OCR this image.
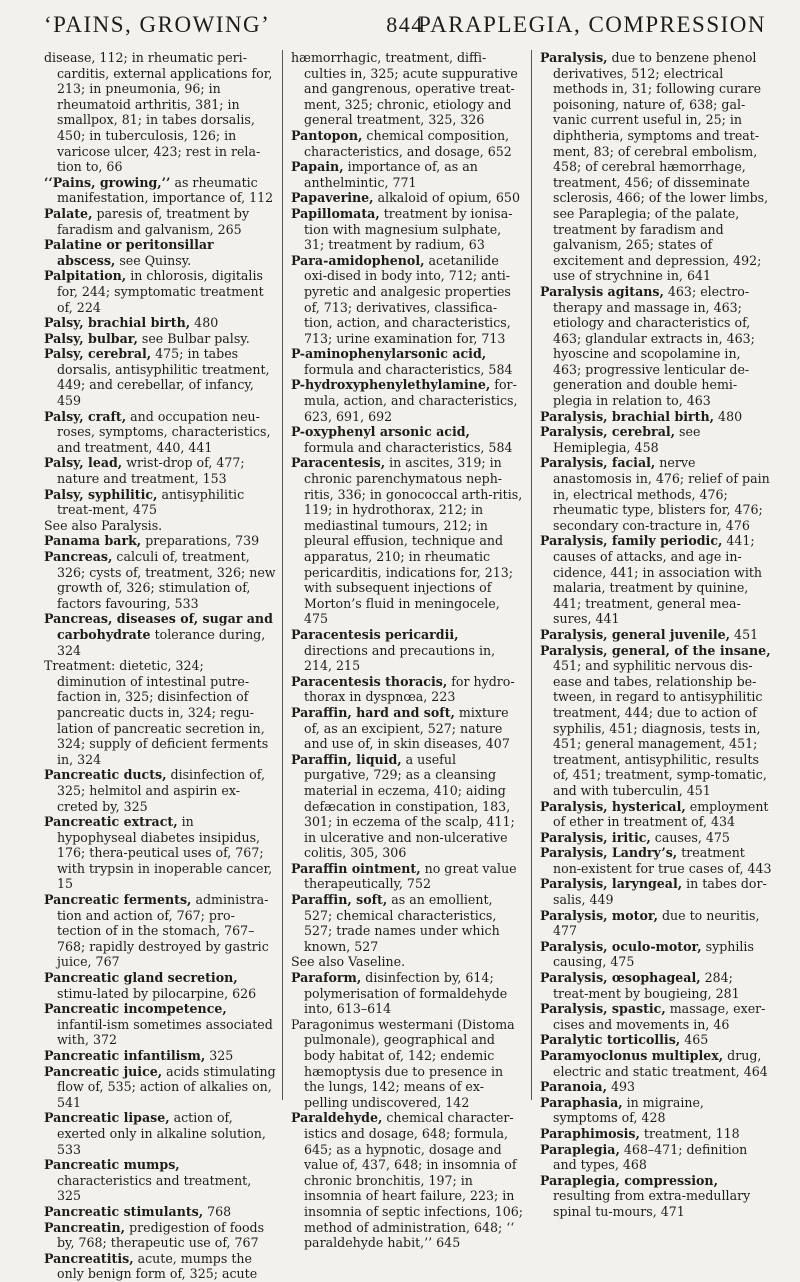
‘PAINS, GROWING’	844
PARAPLEGIA, COMPRESSION

disease, 112; in rheumatic peri-carditis, external applications for, 213; in pneumonia, 96; in rheumatoid arthritis, 381; in smallpox, 81; in tabes dorsalis, 450; in tuberculosis, 126; in varicose ulcer, 423; rest in rela-tion to, 66

‘‘Pains, growing,’’ as rheumatic manifestation, importance of, 112

Palate, paresis of, treatment by faradism and galvanism, 265

Palatine or peritonsillar abscess, see Quinsy.

Palpitation, in chlorosis, digitalis for, 244; symptomatic treatment of, 224

Palsy, brachial birth, 480

Palsy, bulbar, see Bulbar palsy.

Palsy, cerebral, 475; in tabes dorsalis, antisyphilitic treatment, 449; and cerebellar, of infancy, 459

Palsy, craft, and occupation neu-roses, symptoms, characteristics, and treatment, 440, 441

Palsy, lead, wrist-drop of, 477; nature and treatment, 153

Palsy, syphilitic, antisyphilitic treat-ment, 475

See also Paralysis.

Panama bark, preparations, 739

Pancreas, calculi of, treatment, 326; cysts of, treatment, 326; new growth of, 326; stimulation of, factors favouring, 533

Pancreas, diseases of, sugar and carbohydrate tolerance during, 324

Treatment: dietetic, 324; diminution of intestinal putre-faction in, 325; disinfection of pancreatic ducts in, 324; regu-lation of pancreatic secretion in, 324; supply of deficient ferments in, 324

Pancreatic ducts, disinfection of, 325; helmitol and aspirin ex-creted by, 325

Pancreatic extract, in hypophyseal diabetes insipidus, 176; thera-peutical uses of, 767; with trypsin in inoperable cancer, 15

Pancreatic ferments, administra-tion and action of, 767; pro-tection of in the stomach, 767–768; rapidly destroyed by gastric juice, 767

Pancreatic gland secretion, stimu-lated by pilocarpine, 626

Pancreatic incompetence, infantil-ism sometimes associated with, 372

Pancreatic infantilism, 325

Pancreatic juice, acids stimulating flow of, 535; action of alkalies on, 541

Pancreatic lipase, action of, exerted only in alkaline solution, 533

Pancreatic mumps, characteristics and treatment, 325

Pancreatic stimulants, 768

Pancreatin, predigestion of foods by, 768; therapeutic use of, 767

Pancreatitis, acute, mumps the only benign form of, 325; acute

hæmorrhagic, treatment, diffi-culties in, 325; acute suppurative and gangrenous, operative treat-ment, 325; chronic, etiology and general treatment, 325, 326

Pantopon, chemical composition, characteristics, and dosage, 652

Papain, importance of, as an anthelmintic, 771

Papaverine, alkaloid of opium, 650

Papillomata, treatment by ionisa-tion with magnesium sulphate, 31; treatment by radium, 63

Para-amidophenol, acetanilide oxi-dised in body into, 712; anti-pyretic and analgesic properties of, 713; derivatives, classifica-tion, action, and characteristics, 713; urine examination for, 713

P-aminophenylarsonic acid, formula and characteristics, 584

P-hydroxyphenylethylamine, for-mula, action, and characteristics, 623, 691, 692

P-oxyphenyl arsonic acid, formula and characteristics, 584

Paracentesis, in ascites, 319; in chronic parenchymatous neph-ritis, 336; in gonococcal arth-ritis, 119; in hydrothorax, 212; in mediastinal tumours, 212; in pleural effusion, technique and apparatus, 210; in rheumatic pericarditis, indications for, 213; with subsequent injections of Morton’s fluid in meningocele, 475

Paracentesis pericardii, directions and precautions in, 214, 215

Paracentesis thoracis, for hydro-thorax in dyspnœa, 223

Paraffin, hard and soft, mixture of, as an excipient, 527; nature and use of, in skin diseases, 407

Paraffin, liquid, a useful purgative, 729; as a cleansing material in eczema, 410; aiding defæcation in constipation, 183, 301; in eczema of the scalp, 411; in ulcerative and non-ulcerative colitis, 305, 306

Paraffin ointment, no great value therapeutically, 752

Paraffin, soft, as an emollient, 527; chemical characteristics, 527; trade names under which known, 527

See also Vaseline.

Paraform, disinfection by, 614; polymerisation of formaldehyde into, 613–614

Paragonimus westermani (Distoma pulmonale), geographical and body habitat of, 142; endemic hæmoptysis due to presence in the lungs, 142; means of ex-pelling undiscovered, 142

Paraldehyde, chemical character-istics and dosage, 648; formula, 645; as a hypnotic, dosage and value of, 437, 648; in insomnia of chronic bronchitis, 197; in insomnia of heart failure, 223; in insomnia of septic infections, 106; method of administration, 648; ‘‘ paraldehyde habit,’’ 645

Paralysis, due to benzene phenol derivatives, 512; electrical methods in, 31; following curare poisoning, nature of, 638; gal-vanic current useful in, 25; in diphtheria, symptoms and treat-ment, 83; of cerebral embolism, 458; of cerebral hæmorrhage, treatment, 456; of disseminate sclerosis, 466; of the lower limbs, see Paraplegia; of the palate, treatment by faradism and galvanism, 265; states of excitement and depression, 492; use of strychnine in, 641

Paralysis agitans, 463; electro-therapy and massage in, 463; etiology and characteristics of, 463; glandular extracts in, 463; hyoscine and scopolamine in, 463; progressive lenticular de-generation and double hemi-plegia in relation to, 463

Paralysis, brachial birth, 480

Paralysis, cerebral, see Hemiplegia, 458

Paralysis, facial, nerve anastomosis in, 476; relief of pain in, electrical methods, 476; rheumatic type, blisters for, 476; secondary con-tracture in, 476

Paralysis, family periodic, 441; causes of attacks, and age in-cidence, 441; in association with malaria, treatment by quinine, 441; treatment, general mea-sures, 441

Paralysis, general juvenile, 451

Paralysis, general, of the insane, 451; and syphilitic nervous dis-ease and tabes, relationship be-tween, in regard to antisyphilitic treatment, 444; due to action of syphilis, 451; diagnosis, tests in, 451; general management, 451; treatment, antisyphilitic, results of, 451; treatment, symp-tomatic, and with tuberculin, 451

Paralysis, hysterical, employment of ether in treatment of, 434

Paralysis, iritic, causes, 475

Paralysis, Landry’s, treatment non-existent for true cases of, 443

Paralysis, laryngeal, in tabes dor-salis, 449

Paralysis, motor, due to neuritis, 477

Paralysis, oculo-motor, syphilis causing, 475

Paralysis, œsophageal, 284; treat-ment by bougieing, 281

Paralysis, spastic, massage, exer-cises and movements in, 46

Paralytic torticollis, 465

Paramyoclonus multiplex, drug, electric and static treatment, 464

Paranoia, 493

Paraphasia, in migraine, symptoms of, 428

Paraphimosis, treatment, 118

Paraplegia, 468–471; definition and types, 468

Paraplegia, compression, resulting from extra-medullary spinal tu-mours, 471
